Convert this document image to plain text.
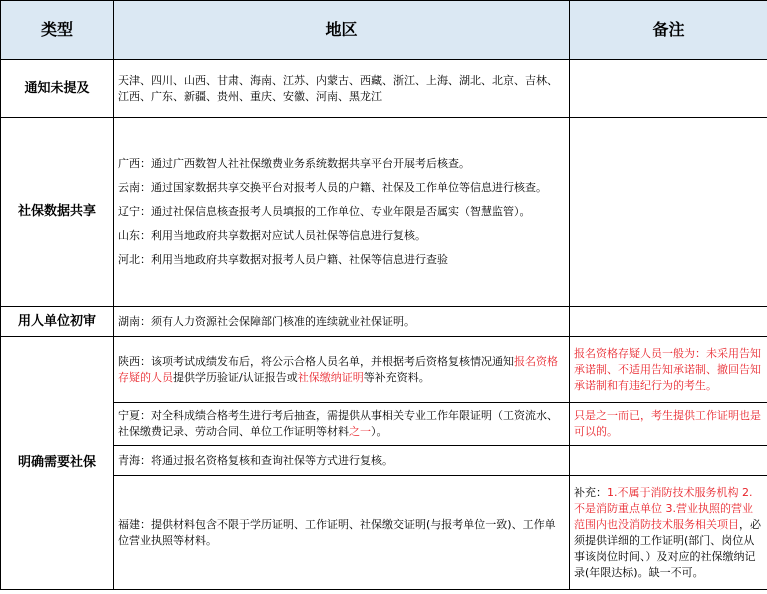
类型	地区	备注
通知未提及	天津、四川、山西、甘肃、海南、江苏、内蒙古、西藏、浙江、上海、湖北、北京、吉林、江西、广东、新疆、贵州、重庆、安徽、河南、黑龙江	
社保数据共享	广西：通过广西数智人社社保缴费业务系统数据共享平台开展考后核查。
云南：通过国家数据共享交换平台对报考人员的户籍、社保及工作单位等信息进行核查。
辽宁：通过社保信息核查报考人员填报的工作单位、专业年限是否属实（智慧监管）。
山东：利用当地政府共享数据对应试人员社保等信息进行复核。
河北：利用当地政府共享数据对报考人员户籍、社保等信息进行查验	

用人单位初审	湖南：须有人力资源社会保障部门核准的连续就业社保证明。	
明确需要社保	陕西：该项考试成绩发布后，将公示合格人员名单，并根据考后资格复核情况通知报名资格存疑的人员提供学历验证/认证报告或社保缴纳证明等补充资料。	报名资格存疑人员一般为：未采用告知承诺制、不适用告知承诺制、撤回告知承诺制和有违纪行为的考生。
	宁夏：对全科成绩合格考生进行考后抽查，需提供从事相关专业工作年限证明（工资流水、社保缴费记录、劳动合同、单位工作证明等材料之一）。	只是之一而已，考生提供工作证明也是可以的。
	青海：将通过报名资格复核和查询社保等方式进行复核。	
	福建：提供材料包含不限于学历证明、工作证明、社保缴交证明(与报考单位一致)、工作单位营业执照等材料。	补充：1.不属于消防技术服务机构 2.不是消防重点单位 3.营业执照的营业范围内也没消防技术服务相关项目，必须提供详细的工作证明(部门、岗位从事该岗位时间、）及对应的社保缴纳记录(年限达标)。缺一不可。
